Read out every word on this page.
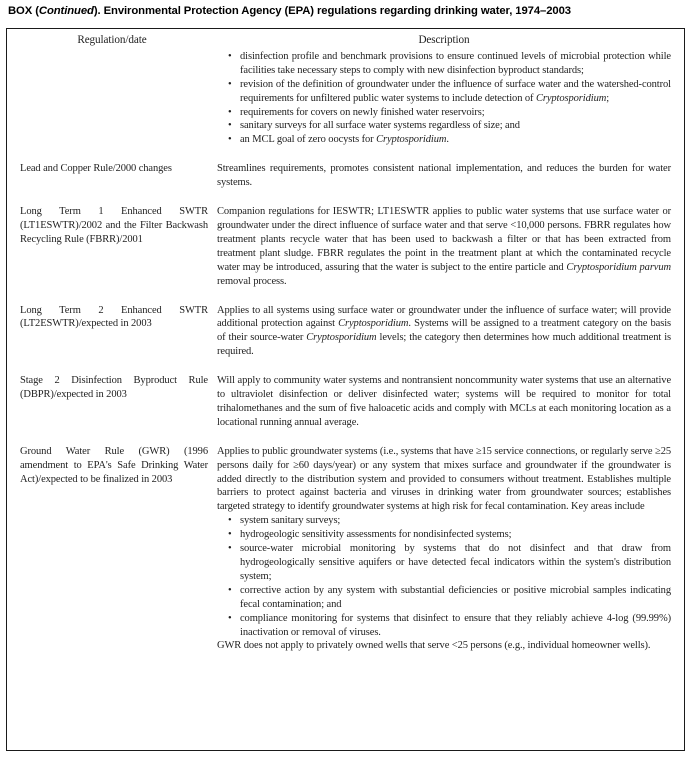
BOX (Continued). Environmental Protection Agency (EPA) regulations regarding drinking water, 1974–2003
Regulation/date	Description
• disinfection profile and benchmark provisions to ensure continued levels of microbial protection while facilities take necessary steps to comply with new disinfection byproduct standards;
• revision of the definition of groundwater under the influence of surface water and the watershed-control requirements for unfiltered public water systems to include detection of Cryptosporidium;
• requirements for covers on newly finished water reservoirs;
• sanitary surveys for all surface water systems regardless of size; and
• an MCL goal of zero oocysts for Cryptosporidium.
Lead and Copper Rule/2000 changes	Streamlines requirements, promotes consistent national implementation, and reduces the burden for water systems.

Long Term 1 Enhanced SWTR (LT1ESWTR)/2002 and the Filter Backwash Recycling Rule (FBRR)/2001

Companion regulations for IESWTR; LT1ESWTR applies to public water systems that use surface water or groundwater under the direct influence of surface water and that serve <10,000 persons. FBRR regulates how treatment plants recycle water that has been used to backwash a filter or that has been extracted from treatment plant sludge. FBRR regulates the point in the treatment plant at which the contaminated recycle water may be introduced, assuring that the water is subject to the entire particle and Cryptosporidium parvum removal process.

Long Term 2 Enhanced SWTR (LT2ESWTR)/expected in 2003

Applies to all systems using surface water or groundwater under the influence of surface water; will provide additional protection against Cryptosporidium. Systems will be assigned to a treatment category on the basis of their source-water Cryptosporidium levels; the category then determines how much additional treatment is required.

Stage 2 Disinfection Byproduct Rule (DBPR)/expected in 2003

Will apply to community water systems and nontransient noncommunity water systems that use an alternative to ultraviolet disinfection or deliver disinfected water; systems will be required to monitor for total trihalomethanes and the sum of five haloacetic acids and comply with MCLs at each monitoring location as a locational running annual average.

Ground Water Rule (GWR) (1996 amendment to EPA's Safe Drinking Water Act)/expected to be finalized in 2003

Applies to public groundwater systems (i.e., systems that have ≥15 service connections, or regularly serve ≥25 persons daily for ≥60 days/year) or any system that mixes surface and groundwater if the groundwater is added directly to the distribution system and provided to consumers without treatment. Establishes multiple barriers to protect against bacteria and viruses in drinking water from groundwater sources; establishes targeted strategy to identify groundwater systems at high risk for fecal contamination. Key areas include

• system sanitary surveys;
• hydrogeologic sensitivity assessments for nondisinfected systems;
• source-water microbial monitoring by systems that do not disinfect and that draw from hydrogeologically sensitive aquifers or have detected fecal indicators within the system's distribution system;
• corrective action by any system with substantial deficiencies or positive microbial samples indicating fecal contamination; and
• compliance monitoring for systems that disinfect to ensure that they reliably achieve 4-log (99.99%) inactivation or removal of viruses.

GWR does not apply to privately owned wells that serve <25 persons (e.g., individual homeowner wells).
